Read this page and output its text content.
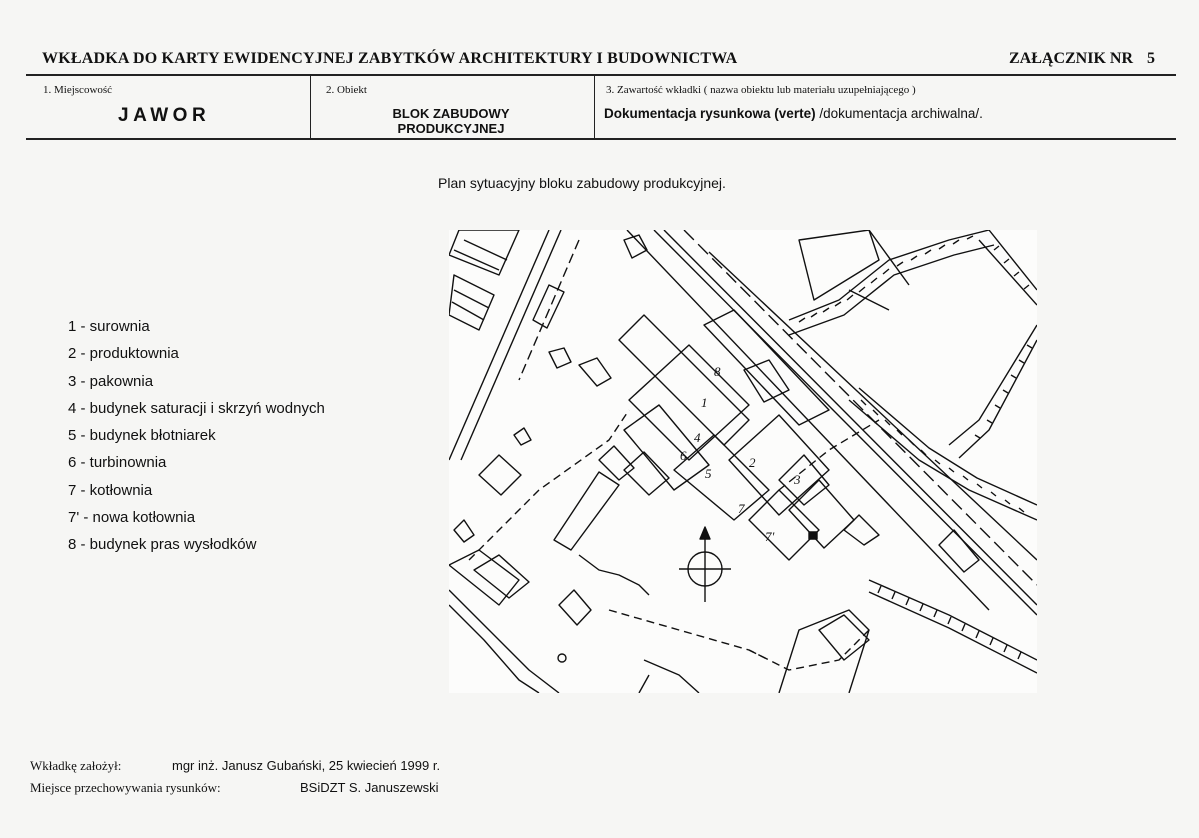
WKŁADKA DO KARTY EWIDENCYJNEJ ZABYTKÓW ARCHITEKTURY I BUDOWNICTWA	ZAŁĄCZNIK NR 5
1. Miejscowość
JAWOR
2. Obiekt
BLOK ZABUDOWY
PRODUKCYJNEJ
3. Zawartość wkładki ( nazwa obiektu lub materiału uzupełniającego )
Dokumentacja rysunkowa (verte) /dokumentacja archiwalna/.
Plan sytuacyjny bloku zabudowy produkcyjnej.
1 - surownia
2 - produktownia
3 - pakownia
4 - budynek saturacji i skrzyń wodnych
5 - budynek błotniarek
6 - turbinownia
7 - kotłownia
7' - nowa kotłownia
8 - budynek pras wysłodków
8
1
4
6
5
2
3
7
7'
Wkładkę założył:	mgr inż. Janusz Gubański, 25 kwiecień 1999 r.
Miejsce przechowywania rysunków:	BSiDZT S. Januszewski
